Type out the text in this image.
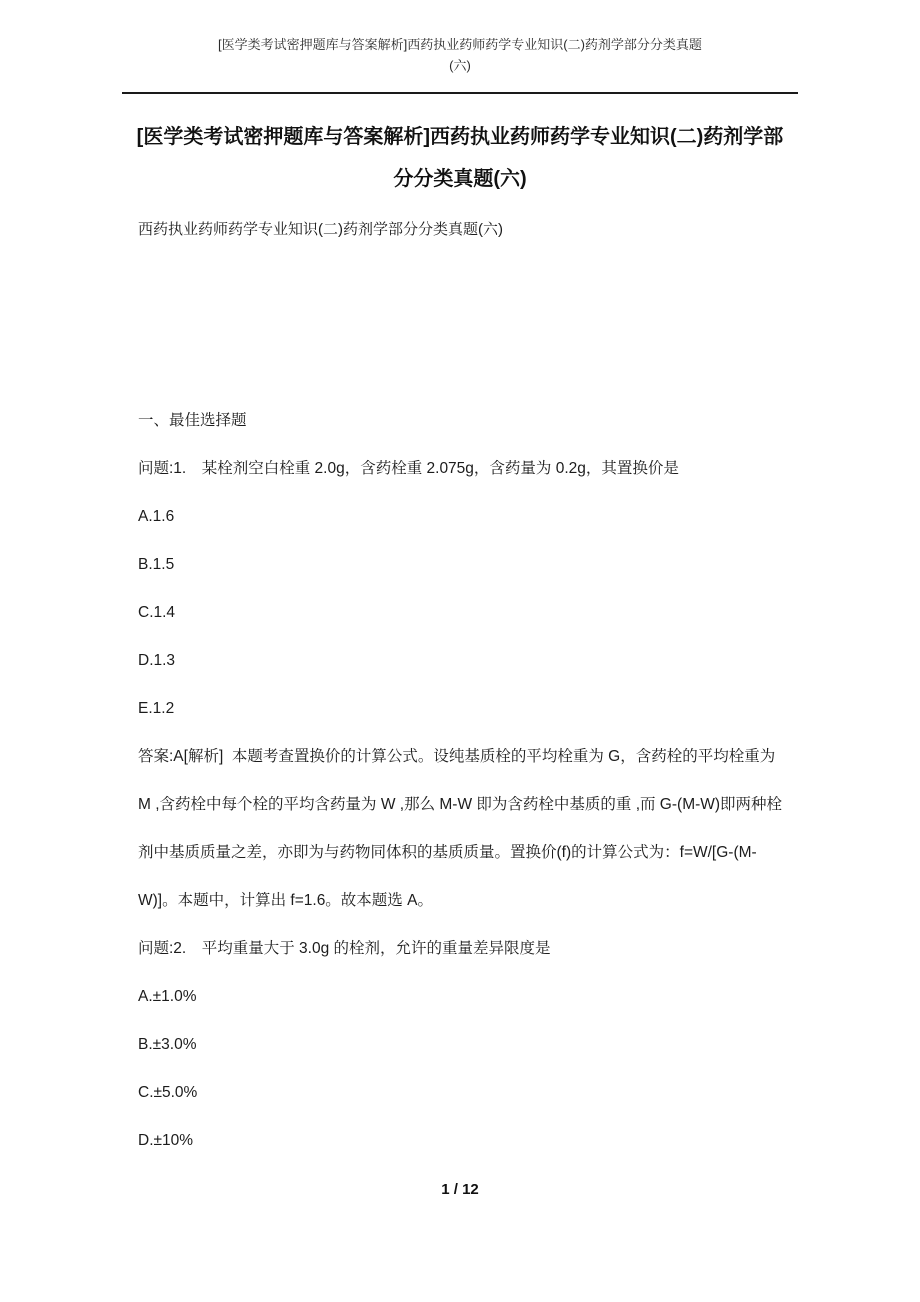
[医学类考试密押题库与答案解析]西药执业药师药学专业知识(二)药剂学部分分类真题(六)
[医学类考试密押题库与答案解析]西药执业药师药学专业知识(二)药剂学部分分类真题(六)

西药执业药师药学专业知识(二)药剂学部分分类真题(六)

一、最佳选择题

问题:1.　某栓剂空白栓重 2.0g，含药栓重 2.075g，含药量为 0.2g，其置换价是

A.1.6

B.1.5

C.1.4

D.1.3

E.1.2

答案:A[解析]  本题考查置换价的计算公式。设纯基质栓的平均栓重为 G，含药栓的平均栓重为 M ,含药栓中每个栓的平均含药量为 W ,那么 M-W 即为含药栓中基质的重 ,而 G-(M-W)即两种栓剂中基质质量之差，亦即为与药物同体积的基质质量。置换价(f)的计算公式为：f=W/[G-(M-W)]。本题中，计算出 f=1.6。故本题选 A。

问题:2.　平均重量大于 3.0g 的栓剂，允许的重量差异限度是

A.±1.0%

B.±3.0%

C.±5.0%

D.±10%

1 / 12
